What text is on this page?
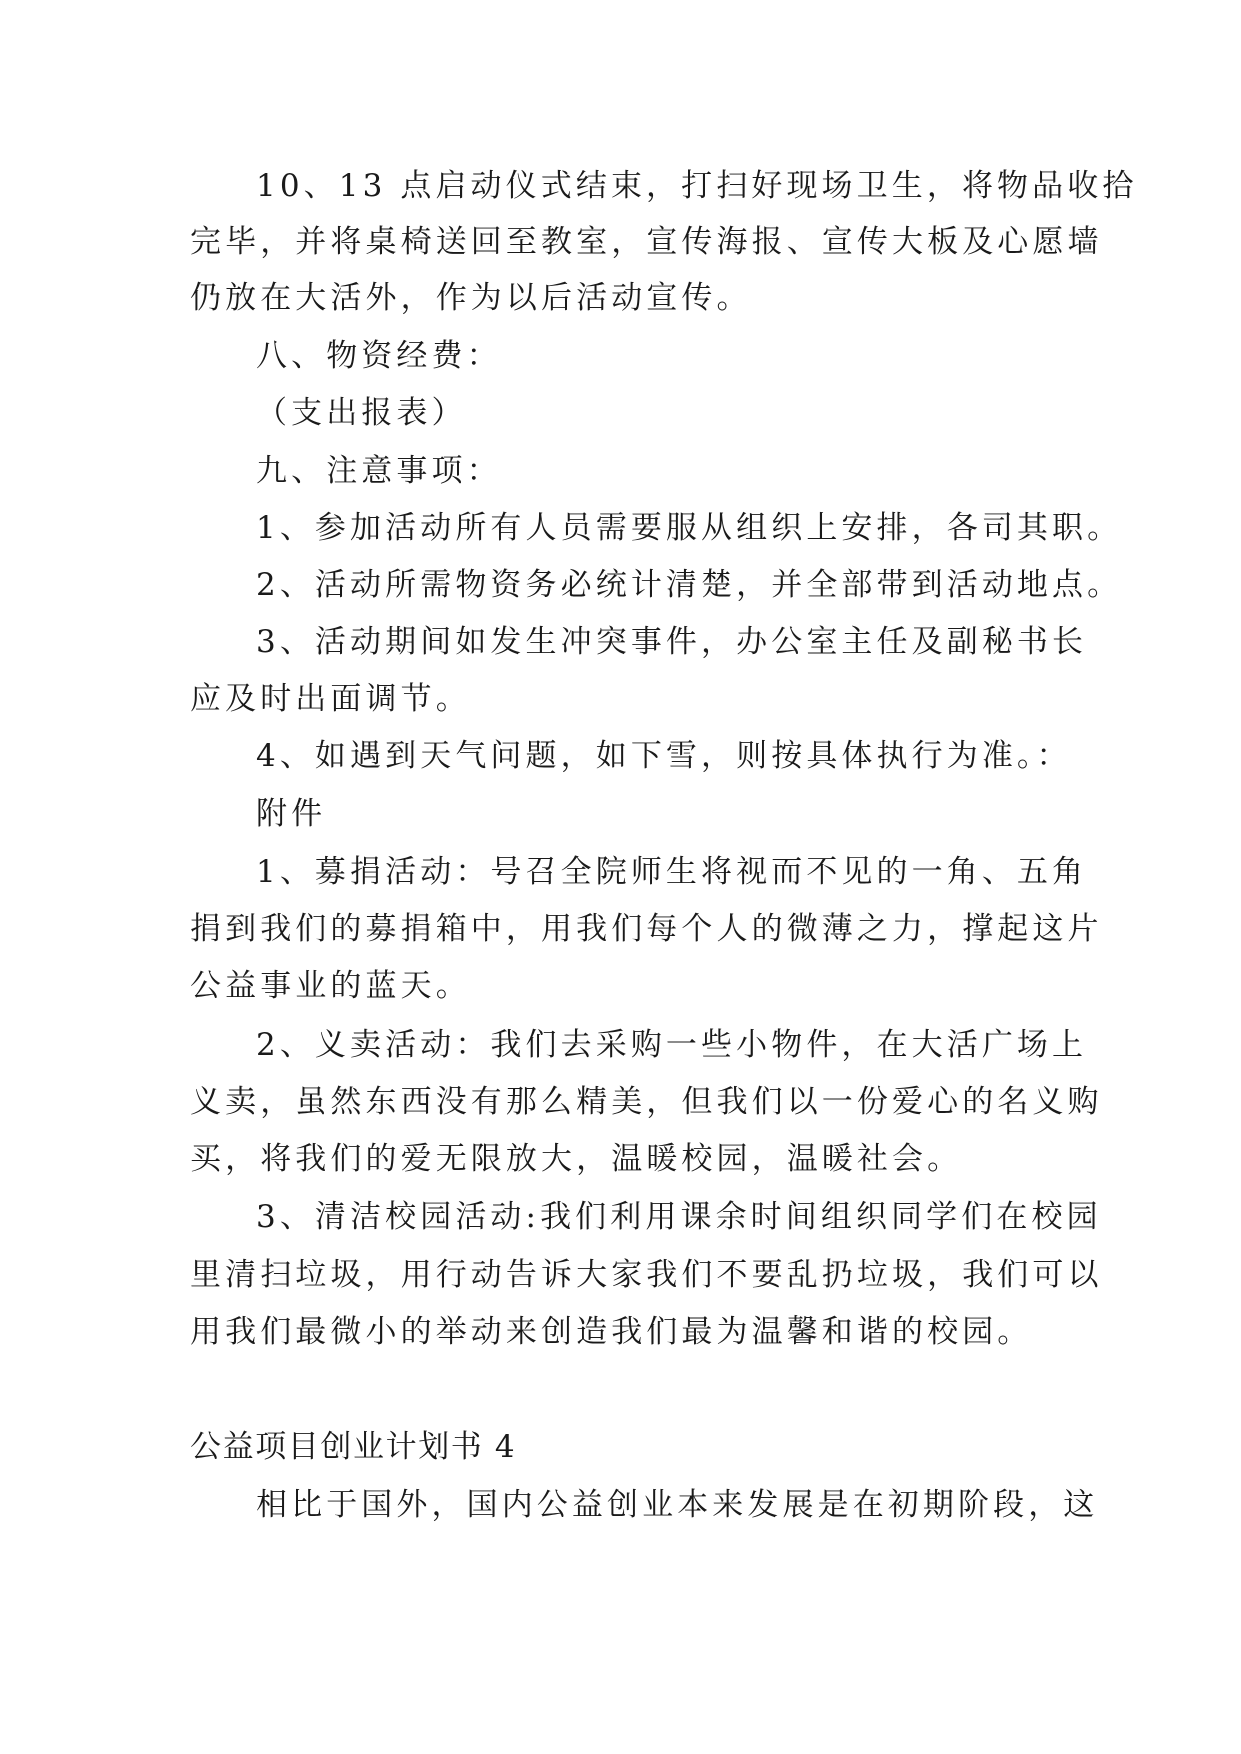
10、13 点启动仪式结束，打扫好现场卫生，将物品收拾
完毕，并将桌椅送回至教室，宣传海报、宣传大板及心愿墙
仍放在大活外，作为以后活动宣传。
八、物资经费：
（支出报表）
九、注意事项：
1、参加活动所有人员需要服从组织上安排，各司其职。
2、活动所需物资务必统计清楚，并全部带到活动地点。
3、活动期间如发生冲突事件，办公室主任及副秘书长
应及时出面调节。
4、如遇到天气问题，如下雪，则按具体执行为准。：
附件
1、募捐活动：号召全院师生将视而不见的一角、五角
捐到我们的募捐箱中，用我们每个人的微薄之力，撑起这片
公益事业的蓝天。
2、义卖活动：我们去采购一些小物件，在大活广场上
义卖，虽然东西没有那么精美，但我们以一份爱心的名义购
买，将我们的爱无限放大，温暖校园，温暖社会。
3、清洁校园活动:我们利用课余时间组织同学们在校园
里清扫垃圾，用行动告诉大家我们不要乱扔垃圾，我们可以
用我们最微小的举动来创造我们最为温馨和谐的校园。
公益项目创业计划书 4
相比于国外，国内公益创业本来发展是在初期阶段，这
